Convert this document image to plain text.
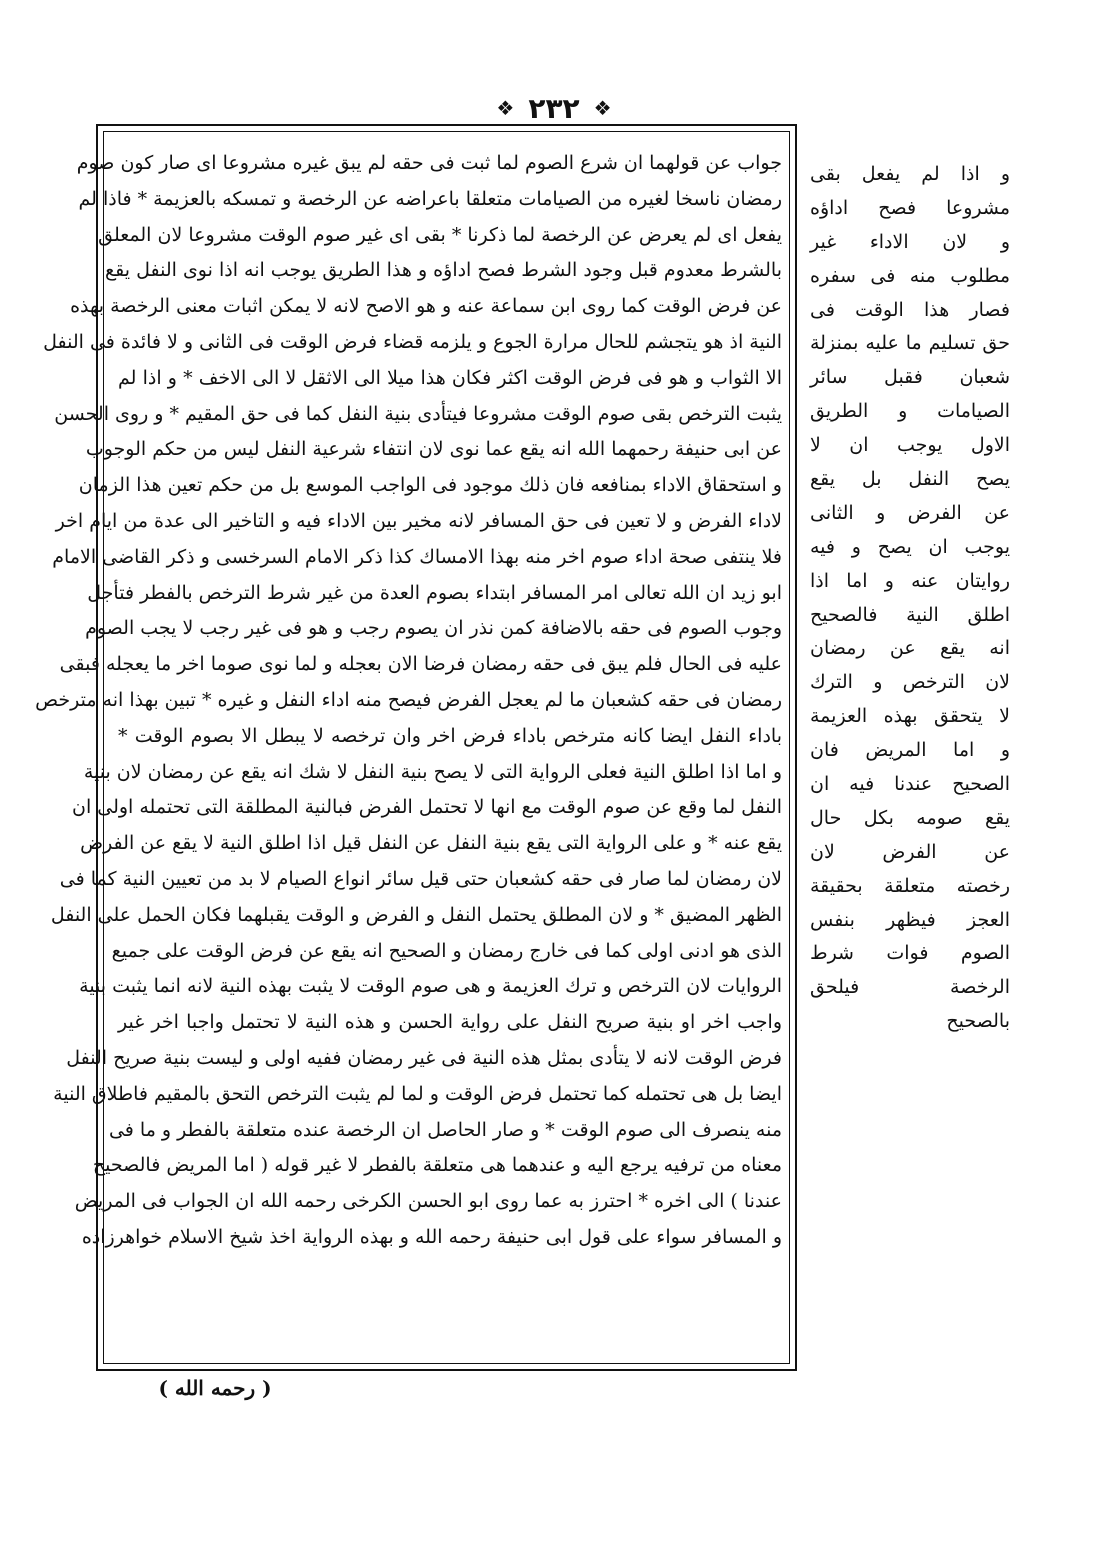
❖
٢٣٢
❖
جواب عن قولهما ان شرع الصوم لما ثبت فى حقه لم يبق غيره مشروعا اى صار كون صوم
رمضان ناسخا لغيره من الصيامات متعلقا باعراضه عن الرخصة و تمسكه بالعزيمة * فاذا لم
يفعل اى لم يعرض عن الرخصة لما ذكرنا * بقى اى غير صوم الوقت مشروعا لان المعلق
بالشرط معدوم قبل وجود الشرط فصح اداؤه و هذا الطريق يوجب انه اذا نوى النفل يقع
عن فرض الوقت كما روى ابن سماعة عنه و هو الاصح لانه لا يمكن اثبات معنى الرخصة بهذه
النية اذ هو يتجشم للحال مرارة الجوع و يلزمه قضاء فرض الوقت فى الثانى و لا فائدة فى النفل
الا الثواب و هو فى فرض الوقت اكثر فكان هذا ميلا الى الاثقل لا الى الاخف * و اذا لم
يثبت الترخص بقى صوم الوقت مشروعا فيتأدى بنية النفل كما فى حق المقيم * و روى الحسن
عن ابى حنيفة رحمهما الله انه يقع عما نوى لان انتفاء شرعية النفل ليس من حكم الوجوب
و استحقاق الاداء بمنافعه فان ذلك موجود فى الواجب الموسع بل من حكم تعين هذا الزمان
لاداء الفرض و لا تعين فى حق المسافر لانه مخير بين الاداء فيه و التاخير الى عدة من ايام اخر
فلا ينتفى صحة اداء صوم اخر منه بهذا الامساك كذا ذكر الامام السرخسى و ذكر القاضى الامام
ابو زيد ان الله تعالى امر المسافر ابتداء بصوم العدة من غير شرط الترخص بالفطر فتأجل
وجوب الصوم فى حقه بالاضافة كمن نذر ان يصوم رجب و هو فى غير رجب لا يجب الصوم
عليه فى الحال فلم يبق فى حقه رمضان فرضا الان بعجله و لما نوى صوما اخر ما يعجله فبقى
رمضان فى حقه كشعبان ما لم يعجل الفرض فيصح منه اداء النفل و غيره * تبين بهذا انه مترخص
باداء النفل ايضا كانه مترخص باداء فرض اخر وان ترخصه لا يبطل الا بصوم الوقت *
و اما اذا اطلق النية فعلى الرواية التى لا يصح بنية النفل لا شك انه يقع عن رمضان لان بنية
النفل لما وقع عن صوم الوقت مع انها لا تحتمل الفرض فبالنية المطلقة التى تحتمله اولى ان
يقع عنه * و على الرواية التى يقع بنية النفل عن النفل قيل اذا اطلق النية لا يقع عن الفرض
لان رمضان لما صار فى حقه كشعبان حتى قيل سائر انواع الصيام لا بد من تعيين النية كما فى
الظهر المضيق * و لان المطلق يحتمل النفل و الفرض و الوقت يقبلهما فكان الحمل على النفل
الذى هو ادنى اولى كما فى خارج رمضان و الصحيح انه يقع عن فرض الوقت على جميع
الروايات لان الترخص و ترك العزيمة و هى صوم الوقت لا يثبت بهذه النية لانه انما يثبت بنية
واجب اخر او بنية صريح النفل على رواية الحسن و هذه النية لا تحتمل واجبا اخر غير
فرض الوقت لانه لا يتأدى بمثل هذه النية فى غير رمضان ففيه اولى و ليست بنية صريح النفل
ايضا بل هى تحتمله كما تحتمل فرض الوقت و لما لم يثبت الترخص التحق بالمقيم فاطلاق النية
منه ينصرف الى صوم الوقت * و صار الحاصل ان الرخصة عنده متعلقة بالفطر و ما فى
معناه من ترفيه يرجع اليه و عندهما هى متعلقة بالفطر لا غير قوله ( اما المريض فالصحيح
عندنا ) الى اخره * احترز به عما روى ابو الحسن الكرخى رحمه الله ان الجواب فى المريض
و المسافر سواء على قول ابى حنيفة رحمه الله و بهذه الرواية اخذ شيخ الاسلام خواهرزاده
و اذا لم يفعل بقى
مشروعا فصح اداؤه
و لان الاداء غير
مطلوب منه فى سفره
فصار هذا الوقت فى
حق تسليم ما عليه بمنزلة
شعبان فقبل سائر
الصيامات و الطريق
الاول يوجب ان لا
يصح النفل بل يقع
عن الفرض و الثانى
يوجب ان يصح و فيه
روايتان عنه و اما اذا
اطلق النية فالصحيح
انه يقع عن رمضان
لان الترخص و الترك
لا يتحقق بهذه العزيمة
و اما المريض فان
الصحيح عندنا فيه ان
يقع صومه بكل حال
عن الفرض لان
رخصته متعلقة بحقيقة
العجز فيظهر بنفس
الصوم فوات شرط
الرخصة فيلحق
بالصحيح
( رحمه الله )
